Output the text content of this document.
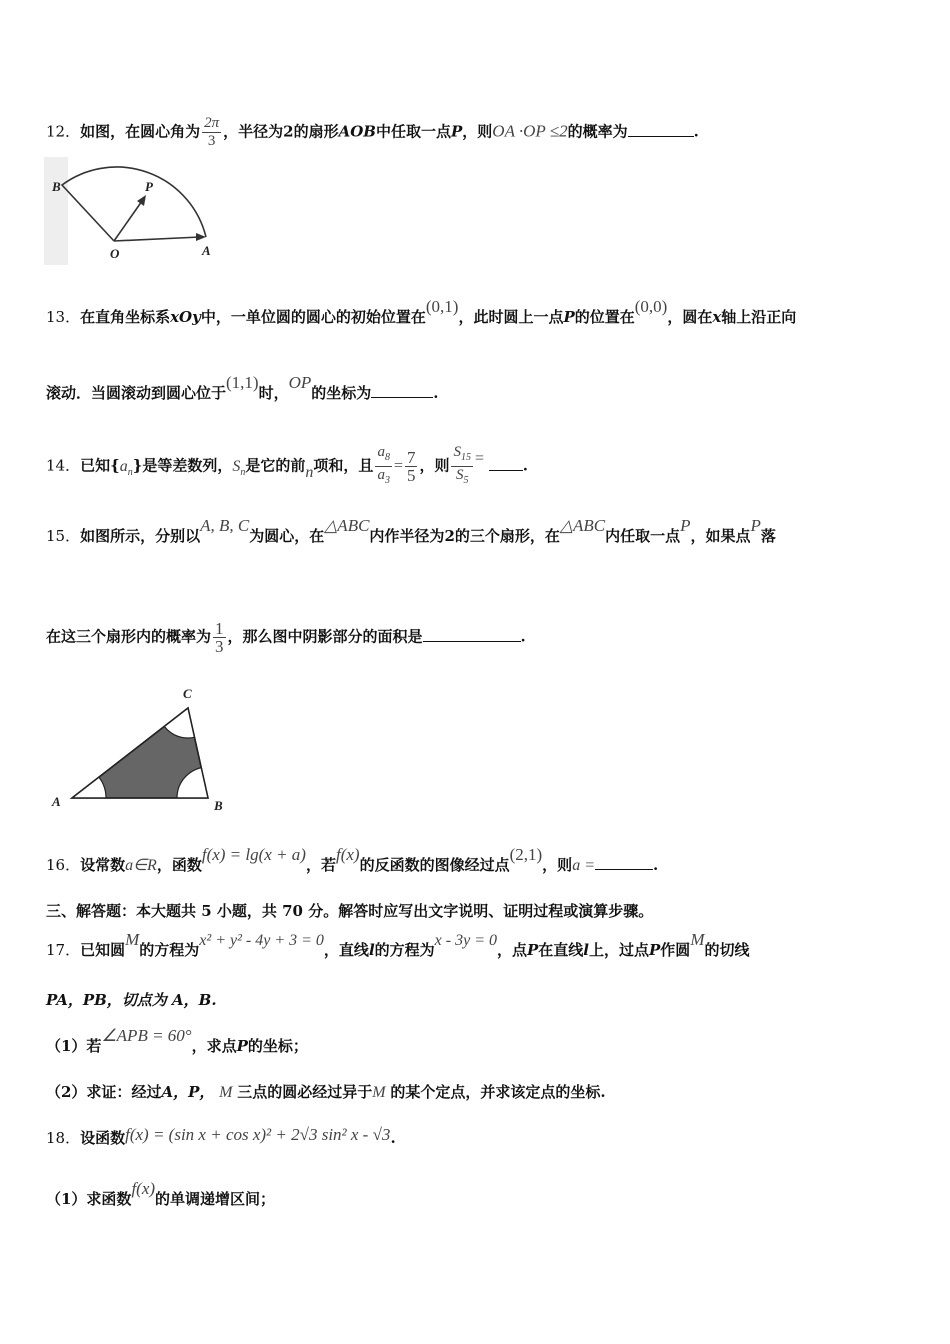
12．如图，在圆心角为 $\frac{2\pi}{3}$ ，半径为2的扇形AOB中任取一点P，则OA ·OP ≤2的概率为	.
B	P
O	A
13．在直角坐标系xOy中，一单位圆的圆心的初始位置在(0,1)，此时圆上一点P的位置在(0,0)，圆在x轴上沿正向
滚动．当圆滚动到圆心位于(1,1)时，OP的坐标为	.
14．已知$\{a_n\}$是等差数列，$S_n$是它的前n项和，且 $\frac{a_8}{a_3} = \frac{7}{5}$ ，则 $\frac{S_{15}}{S_5}$ =	.
15．如图所示，分别以A, B, C为圆心，在△ABC内作半径为2的三个扇形，在△ABC内任取一点P，如果点P落
在这三个扇形内的概率为 $\frac{1}{3}$ ，那么图中阴影部分的面积是	.
A	B
C
16．设常数a∈R，函数f(x) = lg(x + a)，若f(x)的反函数的图像经过点(2,1)，则a =	.
三、解答题：本大题共 5 小题，共 70 分。解答时应写出文字说明、证明过程或演算步骤。
17．已知圆M的方程为x² + y² - 4y + 3 = 0，直线l的方程为x - 3y = 0，点P在直线l上，过点P作圆M的切线
PA，PB，切点为 A，B.
（1）若∠APB = 60°，求点P的坐标；
（2）求证：经过A，P， M 三点的圆必经过异于M 的某个定点，并求该定点的坐标.
18．设函数f(x) = (sin x + cos x)² + 2√3 sin² x - √3.
（1）求函数f(x)的单调递增区间；
